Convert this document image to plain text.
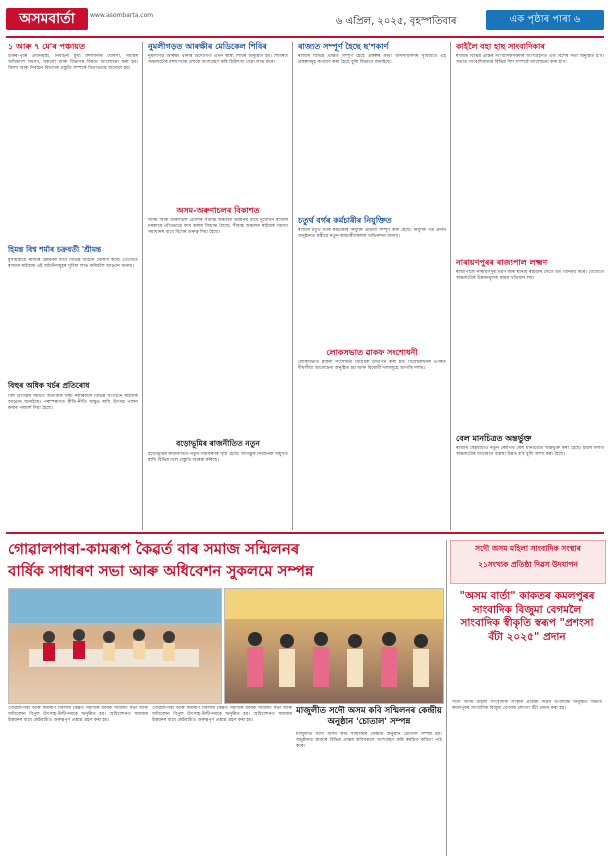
অসমবাৰ্তা	www.asombarta.com
৬ এপ্ৰিল, ২০২৫, বৃহস্পতিবাৰ	এক পৃষ্ঠাৰ পাৰা ৬
১ আৰু ৭ মে'ৰ পঞ্চায়ত
উত্তৰ-পূবৰ প্ৰধানমন্ত্ৰী, নিৰ্বাচনী মুখ্য ফলাফলৰ ঘোষণা, সমষ্টিৰ অধিকাংশ সমস্যা, সকলো আৰু বিভাগৰ বিষয়ে আলোচনা কৰা হয়। জিলা আৰু নিৰ্বাচন বিভাগৰ প্ৰস্তুতি সম্পৰ্কে বিতংভাৱে জনোৱা হয়।
হিমন্ত বিশ্ব শৰ্মাৰ চক্ৰবৰ্তী 'শ্ৰীমন্ত
মুখ্যমন্ত্ৰীয়ে ৰাজ্যৰ উন্নয়নৰ বাবে বিভিন্ন আঁচনি ঘোষণা কৰে। তেখেতে ৰাজ্যৰ ৰাইজক এই আঁচনিসমূহৰ সুবিধা লাভ কৰিবলৈ আহ্বান জনায়।
বিহুৰ অধিক খৰ্চৰ প্ৰতিৰোধ
বিহু উৎসৱৰ সময়ত অত্যধিক খৰচ নকৰিবলৈ বিভিন্ন সংগঠনে ৰাইজক আহ্বান জনাইছে। পৰম্পৰাগত ৰীতি-নীতি অক্ষুণ্ণ ৰাখি উৎসৱ পালন কৰাৰ পৰামৰ্শ দিয়া হৈছে।
নুমলীগড়ত আৰক্ষীৰ মেডিকেল শিবিৰ
নুমলীগড় আৰক্ষী থানাৰ উদ্যোগত এখন স্বাস্থ্য শিবিৰ অনুষ্ঠিত হয়। শিবিৰত অঞ্চলটোৰ বহুসংখ্যক লোকে অংশগ্ৰহণ কৰি চিকিৎসা সেৱা লাভ কৰে।
অসম-অৰুণাচলৰ বিকাশত
অসম আৰু অৰুণাচল প্ৰদেশৰ সীমান্ত অঞ্চলৰ উন্নয়নৰ বাবে দুয়োখন ৰাজ্যৰ চৰকাৰে যৌথভাৱে কাম কৰাৰ সিদ্ধান্ত লৈছে। সীমান্ত অঞ্চলৰ ৰাইজৰ সমস্যা সমাধানৰ বাবে বিশেষ গুৰুত্ব দিয়া হৈছে।
বড়োভূমিৰ ৰাজনীতিত নতুন
বড়োভূমিৰ ৰাজনীতিত নতুন সমীকৰণৰ সৃষ্টি হৈছে। আগন্তুক নিৰ্বাচনক সন্মুখত ৰাখি বিভিন্ন দলে প্ৰস্তুতি আৰম্ভ কৰিছে।
ৰাজ্যত সম্পূৰ্ণ হৈছে ছ'শকাৰ্ণ
ৰাজ্যৰ বিভিন্ন প্ৰান্তত সম্পূৰ্ণ হৈছে প্ৰকল্পৰ কাম। জনসাধাৰণৰ সুবিধাৰ্থে এই প্ৰকল্পসমূহ ৰূপায়ণ কৰা হৈছে বুলি বিভাগে জনাইছে।
চতুৰ্থ বৰ্গৰ কৰ্মচাৰীৰ নিযুক্তিত
ৰাজ্যৰ চতুৰ্থ বৰ্গৰ কৰ্মচাৰীৰ নিযুক্তি প্ৰক্ৰিয়া সম্পূৰ্ণ কৰা হৈছে। নিযুক্তি পত্ৰ প্ৰদান অনুষ্ঠানত মন্ত্ৰীয়ে নতুন কৰ্মচাৰীসকলক অভিনন্দন জনায়।
লোকসভাত ৱাকফ সংশোধনী
লোকসভাত ৱাকফ সংশোধনী বিধেয়ক উত্থাপন কৰা হয়। বিধেয়কখনৰ ওপৰত দীঘলীয়া আলোচনা অনুষ্ঠিত হয় আৰু বিৰোধী দলসমূহে আপত্তি দৰ্শায়।
কাইলৈ বহা হাছ সাংবাদিকাৰ
ৰাজ্যৰ বিভিন্ন প্ৰান্তৰ সাংবাদিকসকলৰ অংশগ্ৰহণত এক বিশেষ সভা অনুষ্ঠিত হ'ব। সভাত সাংবাদিকতাৰ বিভিন্ন দিশ সম্পৰ্কে আলোচনা কৰা হ'ব।
নাৰায়ণপুৰৰ ৰাজ্যপাল লক্ষ্মণ
ৰাজ্যপালে নাৰায়ণপুৰ ভ্ৰমণ কৰি স্থানীয় ৰাইজৰ সৈতে মত বিনিময় কৰে। তেখেতে অঞ্চলটোৰ উন্নয়নমূলক কামৰ খতিয়ান লয়।
বেল মানচিত্ৰত অন্তৰ্ভুক্ত
ৰাজ্যৰ কেইবাটাও নতুন ৰেলপথ ৰেল মানচিত্ৰত অন্তৰ্ভুক্ত কৰা হৈছে। ইয়াৰ ফলত অঞ্চলটোৰ যাতায়াত ব্যৱস্থা উন্নত হ'ব বুলি আশা কৰা হৈছে।
গোৱালপাৰা-কামৰূপ কৈৱৰ্ত বাৰ সমাজ সন্মিলনৰ
বাৰ্ষিক সাধাৰণ সভা আৰু অধিবেশন সুকলমে সম্পন্ন
গোৱালপাৰা আৰু কামৰূপ জিলাৰ কৈৱৰ্ত সমাজৰ বাৰ্ষিক সাধাৰণ সভা আৰু অধিবেশন বিপুল উৎসাহ-উদ্দীপনাৰে অনুষ্ঠিত হয়। অধিবেশনত সমাজৰ উন্নয়নৰ বাবে কেইবাটাও গুৰুত্বপূৰ্ণ প্ৰস্তাৱ গ্ৰহণ কৰা হয়।
গোৱালপাৰা আৰু কামৰূপ জিলাৰ কৈৱৰ্ত সমাজৰ বাৰ্ষিক সাধাৰণ সভা আৰু অধিবেশন বিপুল উৎসাহ-উদ্দীপনাৰে অনুষ্ঠিত হয়। অধিবেশনত সমাজৰ উন্নয়নৰ বাবে কেইবাটাও গুৰুত্বপূৰ্ণ প্ৰস্তাৱ গ্ৰহণ কৰা হয়।
মাজুলীত সদৌ অসম কবি সন্মিলনৰ কেন্দ্ৰীয় অনুষ্ঠান 'চোতাল' সম্পন্ন
মাজুলীত সদৌ অসম কবি সন্মিলনৰ কেন্দ্ৰীয় অনুষ্ঠান চোতাল সম্পন্ন হয়। অনুষ্ঠানত ৰাজ্যৰ বিভিন্ন প্ৰান্তৰ কবিসকলে অংশগ্ৰহণ কৰি স্বৰচিত কবিতা পাঠ কৰে।
সদৌ অসম মহিলা সাংবাদিক সংস্থাৰ
২১সংখ্যক প্ৰতিষ্ঠা দিৱস উদযাপন
"অসম বাৰ্তা" কাকতৰ কমলপুৰৰ সাংবাদিক বিজুমা বেগমলৈ সাংবাদিক স্বীকৃতি স্বৰূপ "প্ৰশংসা বঁটা ২০২৫" প্ৰদান
সদৌ অসম মহিলা সাংবাদিক সংস্থাৰ প্ৰতিষ্ঠা দিৱস উপলক্ষে অনুষ্ঠিত সভাত কমলপুৰৰ সাংবাদিক বিজুমা বেগমক প্ৰশংসা বঁটা প্ৰদান কৰা হয়।
